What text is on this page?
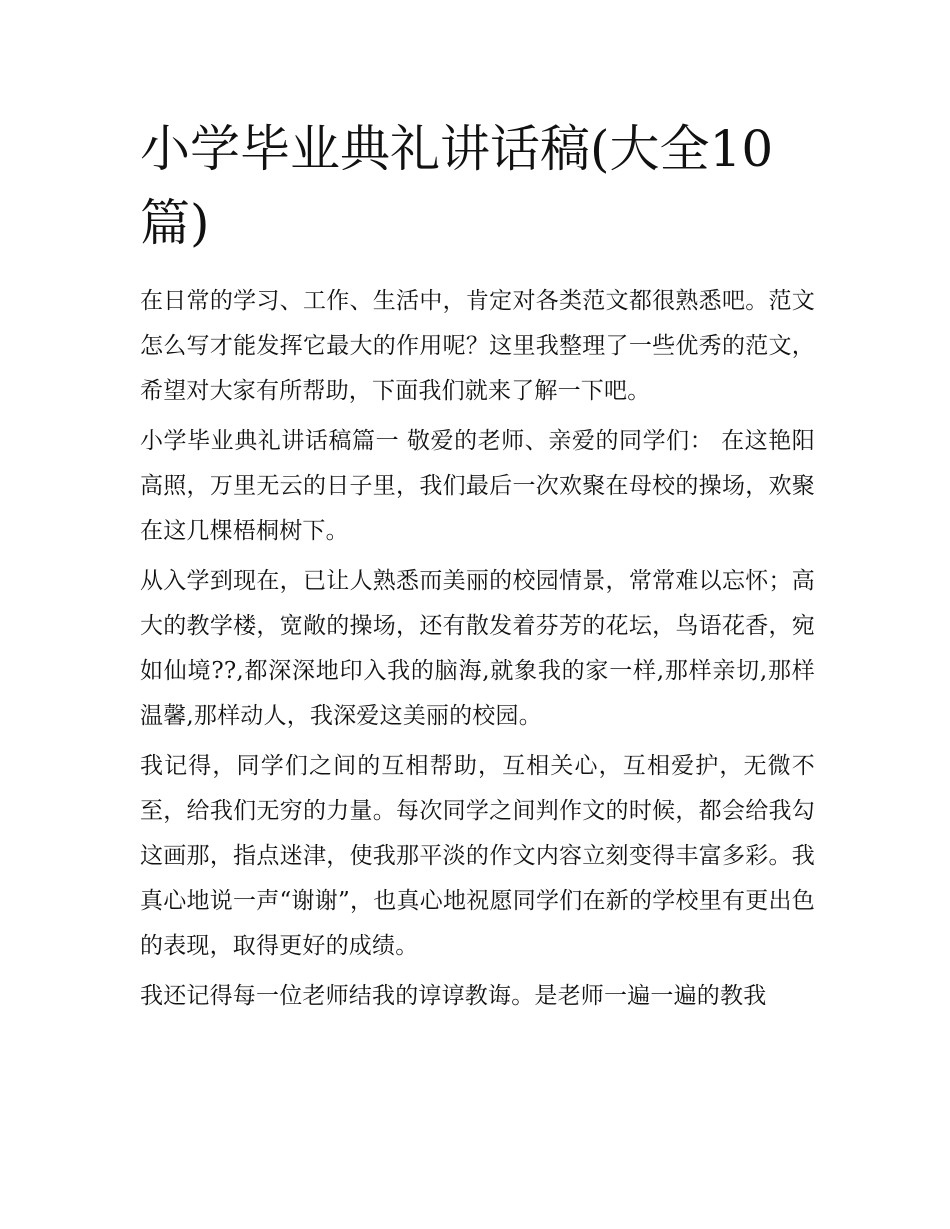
小学毕业典礼讲话稿(大全10篇)

在日常的学习、工作、生活中，肯定对各类范文都很熟悉吧。范文怎么写才能发挥它最大的作用呢？这里我整理了一些优秀的范文，希望对大家有所帮助，下面我们就来了解一下吧。

小学毕业典礼讲话稿篇一 敬爱的老师、亲爱的同学们： 在这艳阳高照，万里无云的日子里，我们最后一次欢聚在母校的操场，欢聚在这几棵梧桐树下。

从入学到现在，已让人熟悉而美丽的校园情景，常常难以忘怀；高大的教学楼，宽敞的操场，还有散发着芬芳的花坛，鸟语花香，宛如仙境??,都深深地印入我的脑海,就象我的家一样,那样亲切,那样温馨,那样动人，我深爱这美丽的校园。

我记得，同学们之间的互相帮助，互相关心，互相爱护，无微不至，给我们无穷的力量。每次同学之间判作文的时候，都会给我勾这画那，指点迷津，使我那平淡的作文内容立刻变得丰富多彩。我真心地说一声“谢谢”，也真心地祝愿同学们在新的学校里有更出色的表现，取得更好的成绩。

我还记得每一位老师结我的谆谆教诲。是老师一遍一遍的教我
